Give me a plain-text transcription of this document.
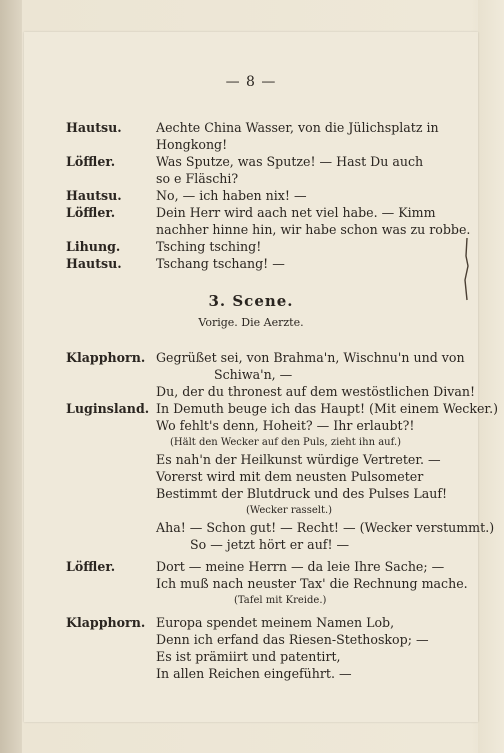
— 8 —
Hautsu.	Aechte China Wasser, von die Jülichsplatz in
Hongkong!
Löffler.	Was Sputze, was Sputze! — Hast Du auch
so e Fläschi?
Hautsu.	No, — ich haben nix! —
Löffler.	Dein Herr wird aach net viel habe. — Kimm
nachher hinne hin, wir habe schon was zu robbe.
Lihung.	Tsching tsching!
Hautsu.	Tschang tschang! —
3. Scene.
Vorige. Die Aerzte.
Klapphorn. Gegrüßet sei, von Brahma'n, Wischnu'n und von
Schiwa'n, —
Du, der du thronest auf dem westöstlichen Divan!
Luginsland. In Demuth beuge ich das Haupt! (Mit einem Wecker.)
Wo fehlt's denn, Hoheit? — Ihr erlaubt?!
(Hält den Wecker auf den Puls, zieht ihn auf.)
Es nah'n der Heilkunst würdige Vertreter. —
Vorerst wird mit dem neusten Pulsometer
Bestimmt der Blutdruck und des Pulses Lauf!
(Wecker rasselt.)
Aha! — Schon gut! — Recht! — (Wecker verstummt.)
So — jetzt hört er auf! —
Löffler.	Dort — meine Herrn — da leie Ihre Sache; —
Ich muß nach neuster Tax' die Rechnung mache.
(Tafel mit Kreide.)
Klapphorn. Europa spendet meinem Namen Lob,
Denn ich erfand das Riesen-Stethoskop; —
Es ist prämiirt und patentirt,
In allen Reichen eingeführt. —
